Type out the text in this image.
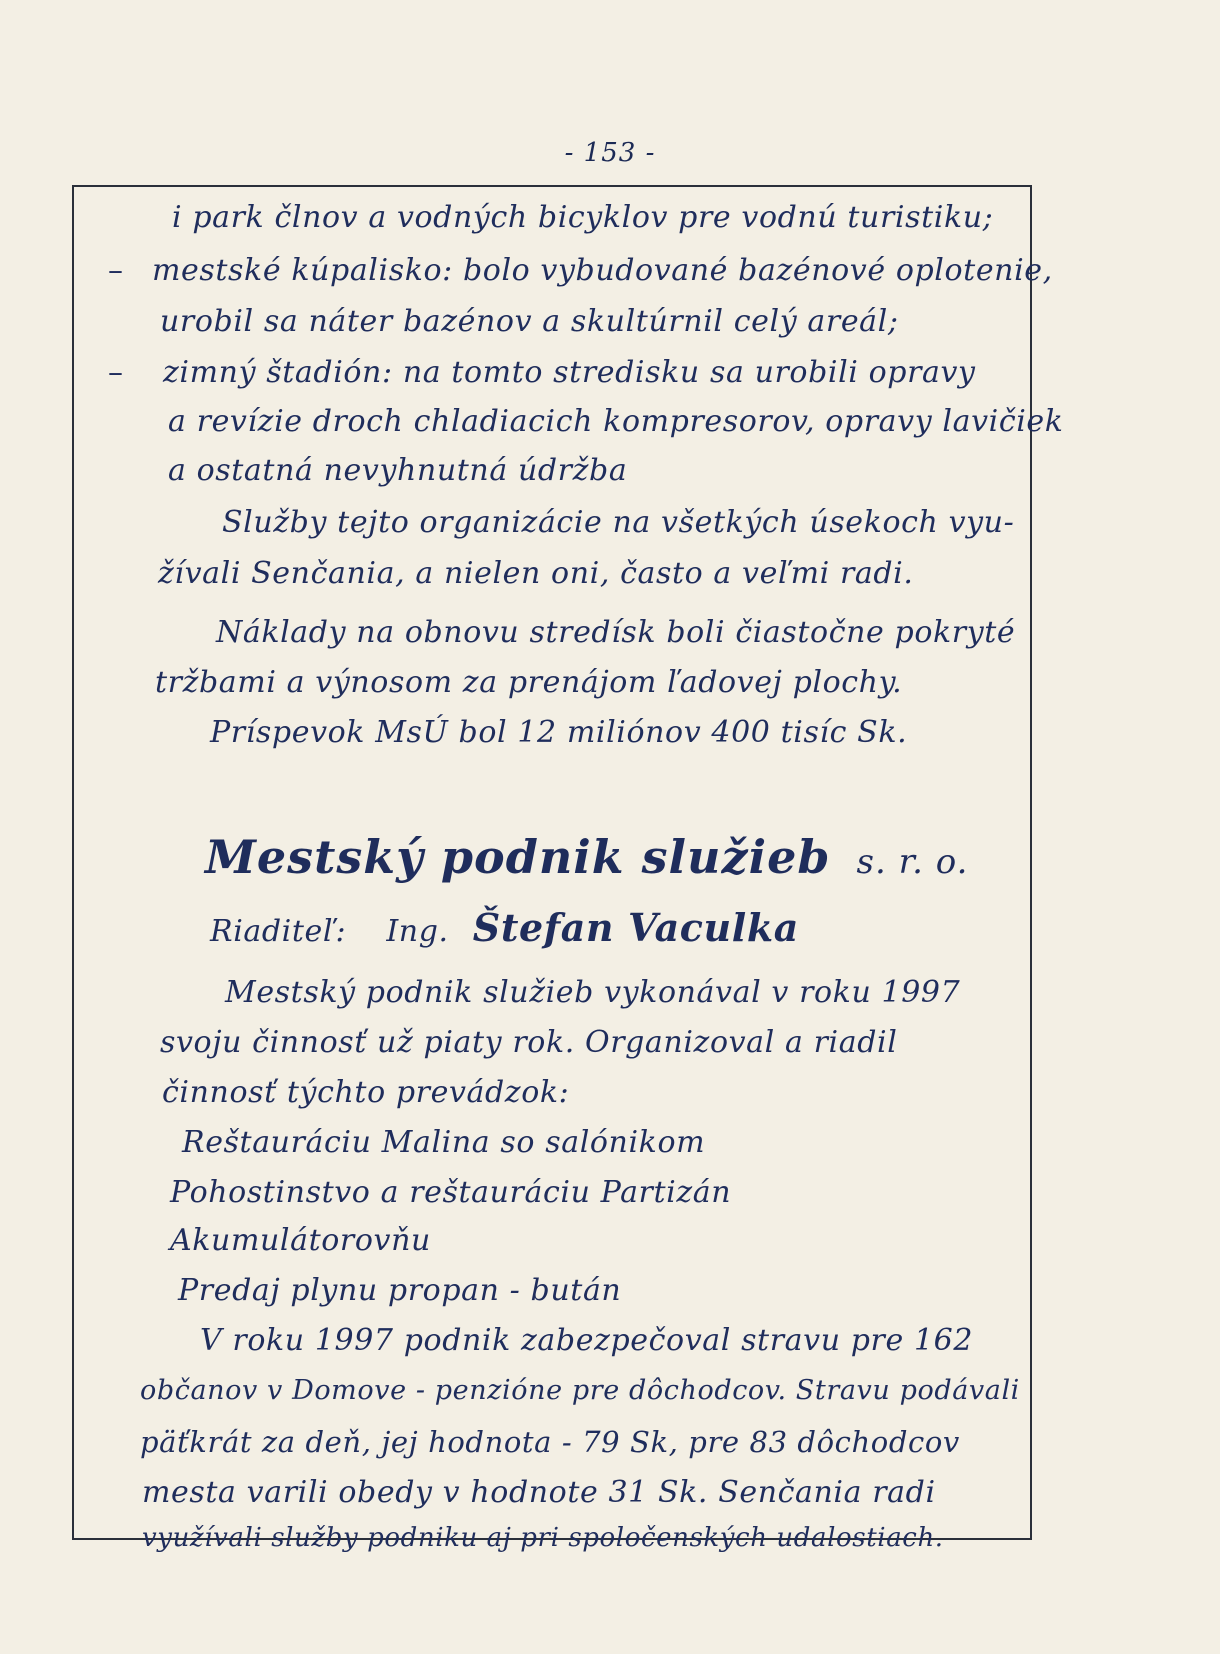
- 153 -
–
–
i park člnov a vodných bicyklov pre vodnú turistiku;
mestské kúpalisko: bolo vybudované bazénové oplotenie,
urobil sa náter bazénov a skultúrnil celý areál;
zimný štadión: na tomto stredisku sa urobili opravy
a revízie droch chladiacich kompresorov, opravy lavičiek
a ostatná nevyhnutná údržba
Služby tejto organizácie na všetkých úsekoch vyu-
žívali Senčania, a nielen oni, často a veľmi radi.
Náklady na obnovu stredísk boli čiastočne pokryté
tržbami a výnosom za prenájom ľadovej plochy.
Príspevok MsÚ bol 12 miliónov 400 tisíc Sk.
Mestský podnik služieb s. r. o.
Riaditeľ: Ing. Štefan Vaculka
Mestský podnik služieb vykonával v roku 1997
svoju činnosť už piaty rok. Organizoval a riadil
činnosť týchto prevádzok:
Reštauráciu Malina so salónikom
Pohostinstvo a reštauráciu Partizán
Akumulátorovňu
Predaj plynu propan - bután
V roku 1997 podnik zabezpečoval stravu pre 162
občanov v Domove - penzióne pre dôchodcov. Stravu podávali
päťkrát za deň, jej hodnota - 79 Sk, pre 83 dôchodcov
mesta varili obedy v hodnote 31 Sk. Senčania radi
využívali služby podniku aj pri spoločenských udalostiach.
